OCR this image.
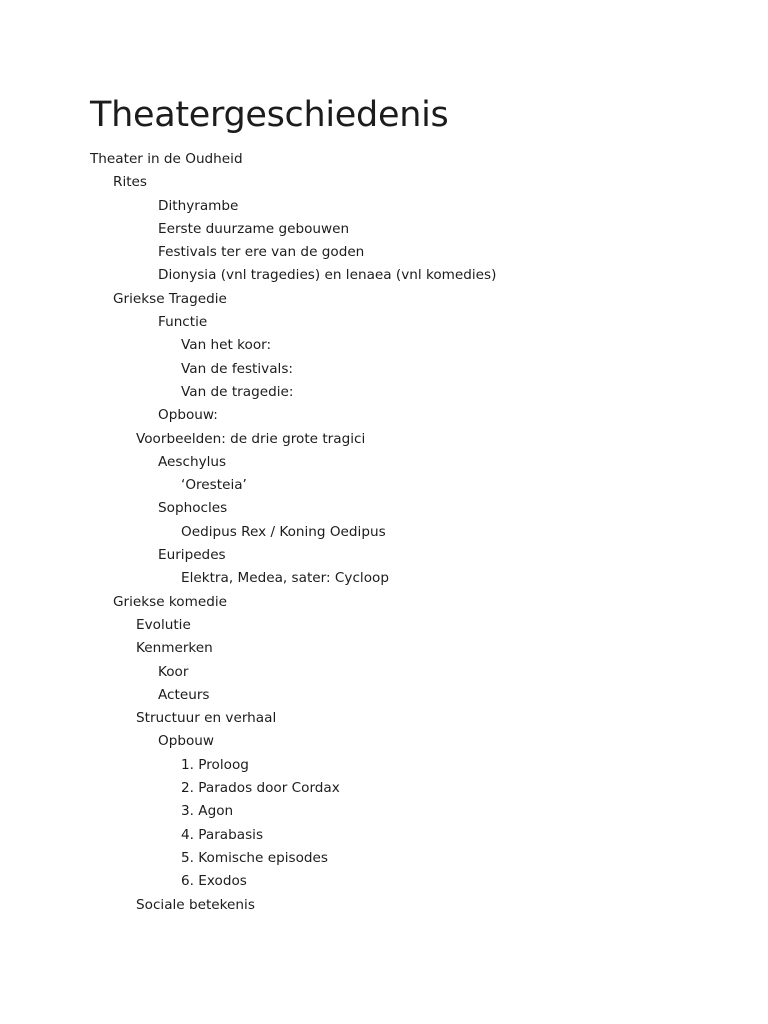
Theatergeschiedenis
Theater in de Oudheid
Rites
Dithyrambe
Eerste duurzame gebouwen
Festivals ter ere van de goden
Dionysia (vnl tragedies) en lenaea (vnl komedies)
Griekse Tragedie
Functie
Van het koor:
Van de festivals:
Van de tragedie:
Opbouw:
Voorbeelden: de drie grote tragici
Aeschylus
‘Oresteia’
Sophocles
Oedipus Rex / Koning Oedipus
Euripedes
Elektra, Medea, sater: Cycloop
Griekse komedie
Evolutie
Kenmerken
Koor
Acteurs
Structuur en verhaal
Opbouw
1. Proloog
2. Parados door Cordax
3. Agon
4. Parabasis
5. Komische episodes
6. Exodos
Sociale betekenis
